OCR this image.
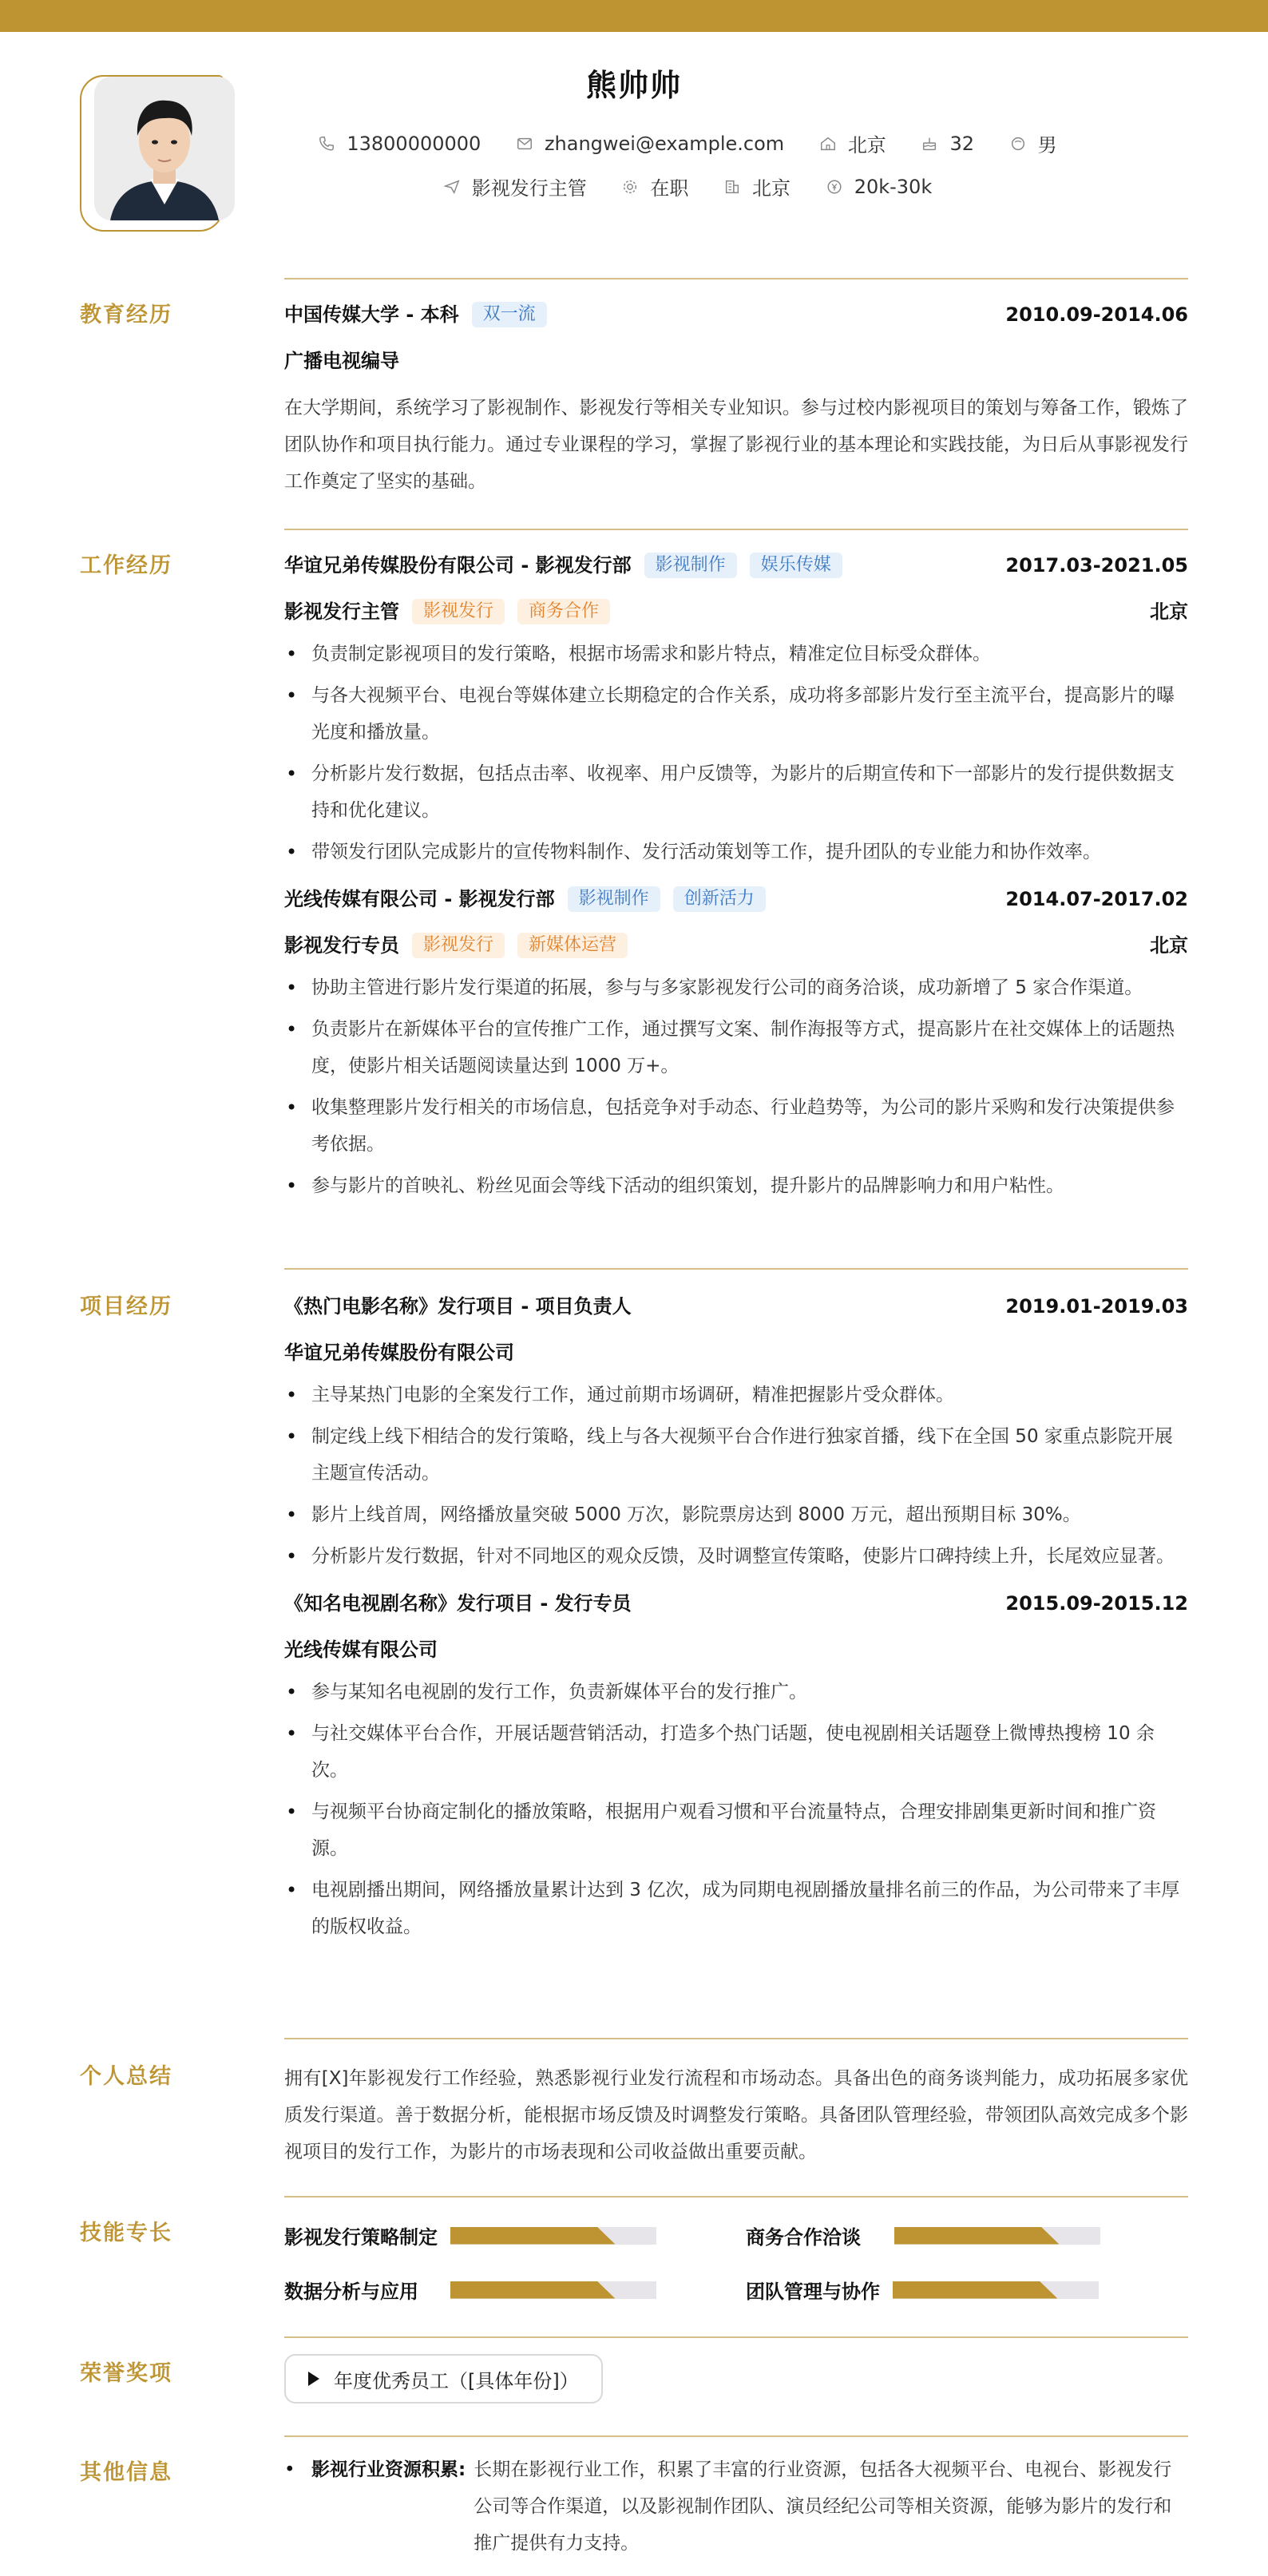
熊帅帅
13800000000
	zhangwei@example.com
	北京
	32
	男
影视发行主管
	在职
	北京
	20k-30k
教育经历	中国传媒大学 - 本科	双一流	2010.09-2014.06
广播电视编导
在大学期间，系统学习了影视制作、影视发行等相关专业知识。参与过校内影视项目的策划与筹备工作，锻炼了团队协作和项目执行能力。通过专业课程的学习，掌握了影视行业的基本理论和实践技能，为日后从事影视发行工作奠定了坚实的基础。
工作经历	华谊兄弟传媒股份有限公司 - 影视发行部	影视制作	娱乐传媒	2017.03-2021.05
影视发行主管	影视发行	商务合作	北京
• 负责制定影视项目的发行策略，根据市场需求和影片特点，精准定位目标受众群体。
• 与各大视频平台、电视台等媒体建立长期稳定的合作关系，成功将多部影片发行至主流平台，提高影片的曝光度和播放量。
• 分析影片发行数据，包括点击率、收视率、用户反馈等，为影片的后期宣传和下一部影片的发行提供数据支持和优化建议。
• 带领发行团队完成影片的宣传物料制作、发行活动策划等工作，提升团队的专业能力和协作效率。
光线传媒有限公司 - 影视发行部	影视制作	创新活力	2014.07-2017.02
影视发行专员	影视发行	新媒体运营	北京
• 协助主管进行影片发行渠道的拓展，参与与多家影视发行公司的商务洽谈，成功新增了 5 家合作渠道。
• 负责影片在新媒体平台的宣传推广工作，通过撰写文案、制作海报等方式，提高影片在社交媒体上的话题热度，使影片相关话题阅读量达到 1000 万+。
• 收集整理影片发行相关的市场信息，包括竞争对手动态、行业趋势等，为公司的影片采购和发行决策提供参考依据。
• 参与影片的首映礼、粉丝见面会等线下活动的组织策划，提升影片的品牌影响力和用户粘性。
项目经历	《热门电影名称》发行项目 - 项目负责人	2019.01-2019.03
华谊兄弟传媒股份有限公司
• 主导某热门电影的全案发行工作，通过前期市场调研，精准把握影片受众群体。
• 制定线上线下相结合的发行策略，线上与各大视频平台合作进行独家首播，线下在全国 50 家重点影院开展主题宣传活动。
• 影片上线首周，网络播放量突破 5000 万次，影院票房达到 8000 万元，超出预期目标 30%。
• 分析影片发行数据，针对不同地区的观众反馈，及时调整宣传策略，使影片口碑持续上升，长尾效应显著。
《知名电视剧名称》发行项目 - 发行专员	2015.09-2015.12
光线传媒有限公司
• 参与某知名电视剧的发行工作，负责新媒体平台的发行推广。
• 与社交媒体平台合作，开展话题营销活动，打造多个热门话题，使电视剧相关话题登上微博热搜榜 10 余次。
• 与视频平台协商定制化的播放策略，根据用户观看习惯和平台流量特点，合理安排剧集更新时间和推广资源。
• 电视剧播出期间，网络播放量累计达到 3 亿次，成为同期电视剧播放量排名前三的作品，为公司带来了丰厚的版权收益。
个人总结	拥有[X]年影视发行工作经验，熟悉影视行业发行流程和市场动态。具备出色的商务谈判能力，成功拓展多家优质发行渠道。善于数据分析，能根据市场反馈及时调整发行策略。具备团队管理经验，带领团队高效完成多个影视项目的发行工作，为影片的市场表现和公司收益做出重要贡献。
技能专长	影视发行策略制定	商务合作洽谈
数据分析与应用	团队管理与协作
荣誉奖项	年度优秀员工（[具体年份]）
其他信息	• 影视行业资源积累: 长期在影视行业工作，积累了丰富的行业资源，包括各大视频平台、电视台、影视发行公司等合作渠道，以及影视制作团队、演员经纪公司等相关资源，能够为影片的发行和推广提供有力支持。
